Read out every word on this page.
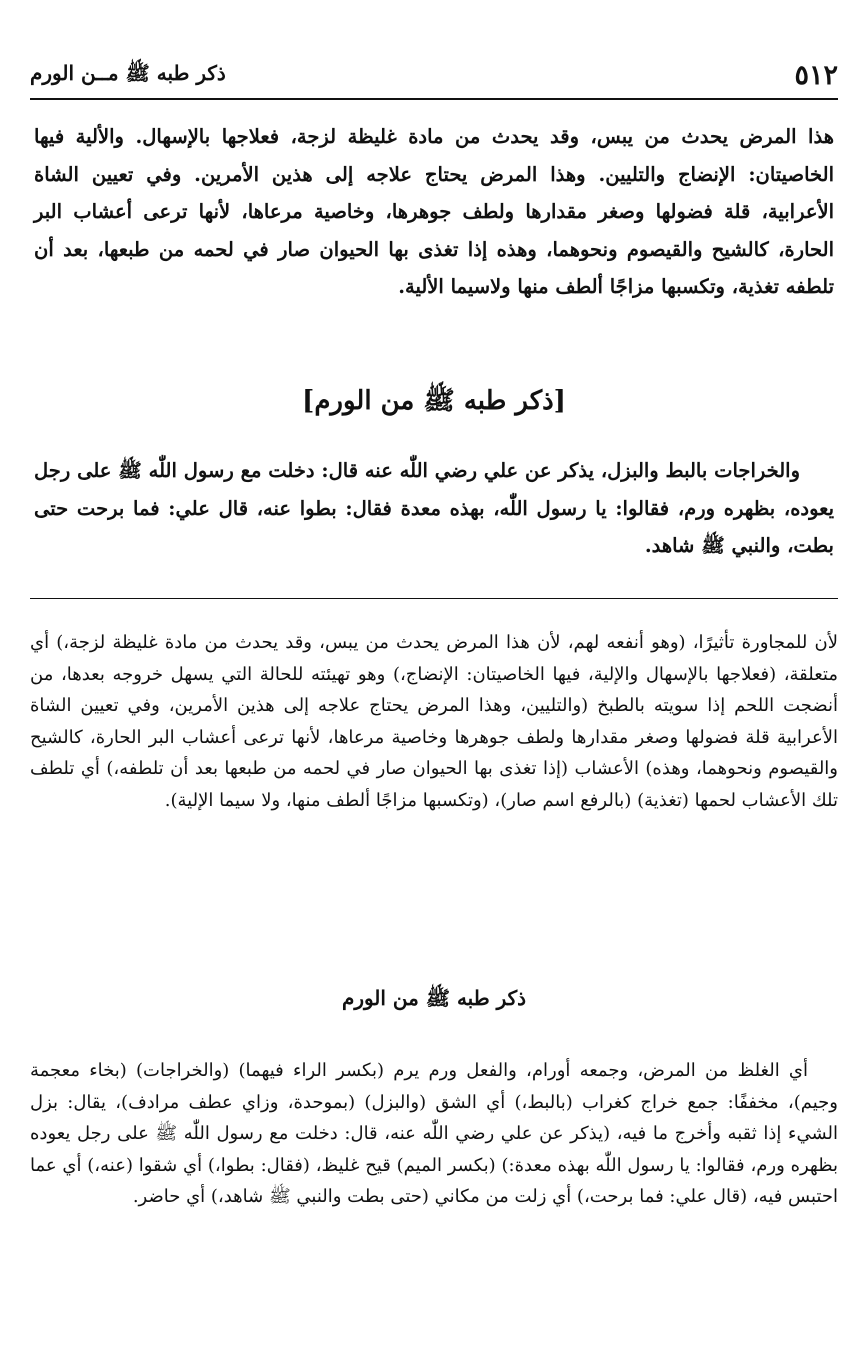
٥١٢
ذكر طبه ﷺ مــن الورم

هذا المرض يحدث من يبس، وقد يحدث من مادة غليظة لزجة، فعلاجها بالإسهال. والألية فيها الخاصيتان: الإنضاج والتليين. وهذا المرض يحتاج علاجه إلى هذين الأمرين. وفي تعيين الشاة الأعرابية، قلة فضولها وصغر مقدارها ولطف جوهرها، وخاصية مرعاها، لأنها ترعى أعشاب البر الحارة، كالشيح والقيصوم ونحوهما، وهذه إذا تغذى بها الحيوان صار في لحمه من طبعها، بعد أن تلطفه تغذية، وتكسبها مزاجًا ألطف منها ولاسيما الألية.

[ذكر طبه ﷺ من الورم]

والخراجات بالبط والبزل، يذكر عن علي رضي اللّٰه عنه قال: دخلت مع رسول اللّٰه ﷺ على رجل يعوده، بظهره ورم، فقالوا: يا رسول اللّٰه، بهذه معدة فقال: بطوا عنه، قال علي: فما برحت حتى بطت، والنبي ﷺ شاهد.

لأن للمجاورة تأثيرًا، (وهو أنفعه لهم، لأن هذا المرض يحدث من يبس، وقد يحدث من مادة غليظة لزجة،) أي متعلقة، (فعلاجها بالإسهال والإلية، فيها الخاصيتان: الإنضاج،) وهو تهيئته للحالة التي يسهل خروجه بعدها، من أنضجت اللحم إذا سويته بالطبخ (والتليين، وهذا المرض يحتاج علاجه إلى هذين الأمرين، وفي تعيين الشاة الأعرابية قلة فضولها وصغر مقدارها ولطف جوهرها وخاصية مرعاها، لأنها ترعى أعشاب البر الحارة، كالشيح والقيصوم ونحوهما، وهذه) الأعشاب (إذا تغذى بها الحيوان صار في لحمه من طبعها بعد أن تلطفه،) أي تلطف تلك الأعشاب لحمها (تغذية) (بالرفع اسم صار)، (وتكسبها مزاجًا ألطف منها، ولا سيما الإلية).

ذكر طبه ﷺ من الورم

أي الغلظ من المرض، وجمعه أورام، والفعل ورم يرم (بكسر الراء فيهما) (والخراجات) (بخاء معجمة وجيم)، مخففًا: جمع خراج كغراب (بالبط،) أي الشق (والبزل) (بموحدة، وزاي عطف مرادف)، يقال: بزل الشيء إذا ثقبه وأخرج ما فيه، (يذكر عن علي رضي اللّٰه عنه، قال: دخلت مع رسول اللّٰه ﷺ على رجل يعوده بظهره ورم، فقالوا: يا رسول اللّٰه بهذه معدة:) (بكسر الميم) قيح غليظ، (فقال: بطوا،) أي شقوا (عنه،) أي عما احتبس فيه، (قال علي: فما برحت،) أي زلت من مكاني (حتى بطت والنبي ﷺ شاهد،) أي حاضر.
